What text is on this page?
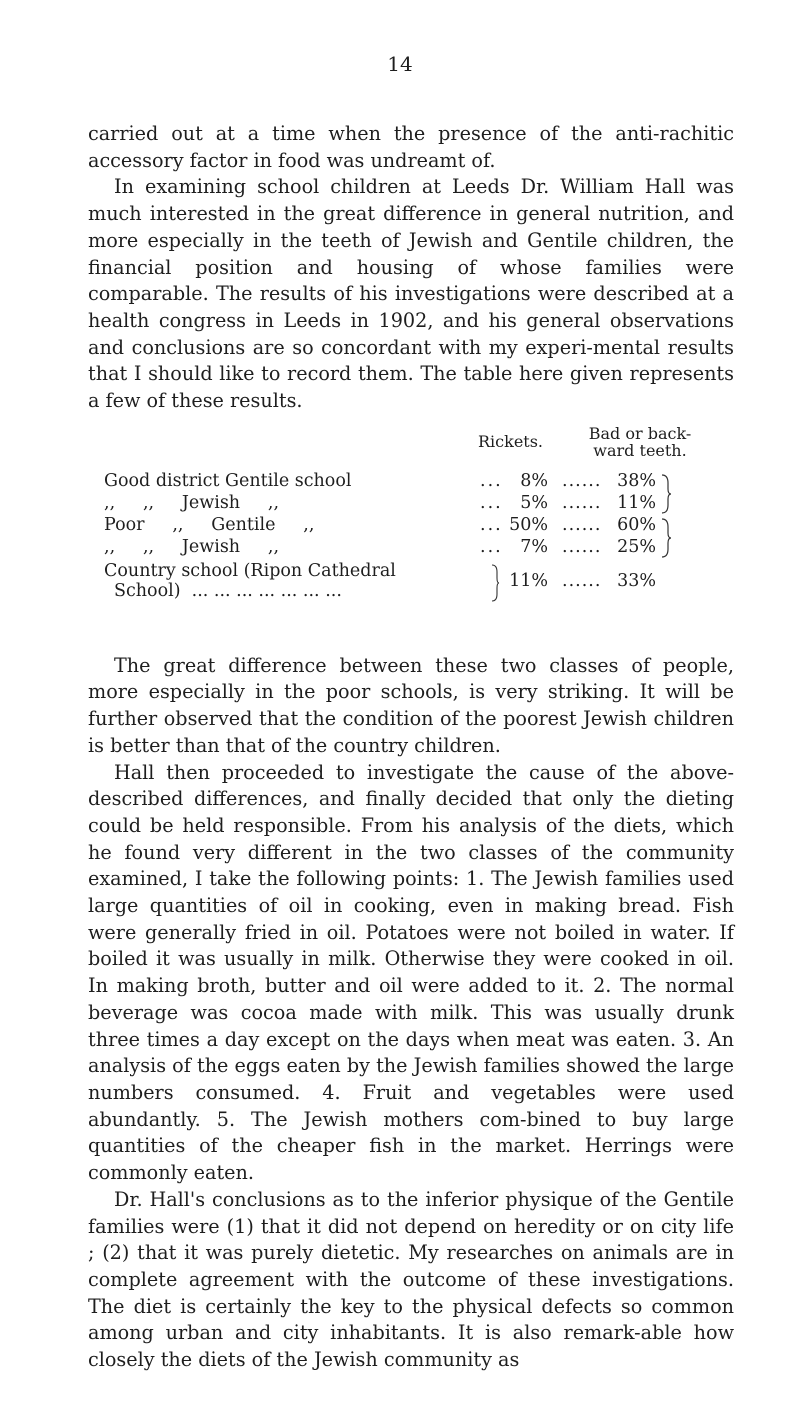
14

carried out at a time when the presence of the anti-rachitic accessory factor in food was undreamt of.

In examining school children at Leeds Dr. William Hall was much interested in the great difference in general nutrition, and more especially in the teeth of Jewish and Gentile children, the financial position and housing of whose families were comparable. The results of his investigations were described at a health congress in Leeds in 1902, and his general observations and conclusions are so concordant with my experi-mental results that I should like to record them. The table here given represents a few of these results.

Rickets.	Bad or back-ward teeth.
Good district Gentile school	...	8% ...... 38%
,,     ,,     Jewish     ,,	...	5% ...... 11%
Poor     ,,     Gentile     ,,	... 50% ...... 60%
,,     ,,     Jewish     ,,	...	7% ...... 25%
Country school (Ripon Cathedral
School)  ... ... ... ... ... ... ...	11% ...... 33%

The great difference between these two classes of people, more especially in the poor schools, is very striking. It will be further observed that the condition of the poorest Jewish children is better than that of the country children.

Hall then proceeded to investigate the cause of the above-described differences, and finally decided that only the dieting could be held responsible. From his analysis of the diets, which he found very different in the two classes of the community examined, I take the following points: 1. The Jewish families used large quantities of oil in cooking, even in making bread. Fish were generally fried in oil. Potatoes were not boiled in water. If boiled it was usually in milk. Otherwise they were cooked in oil. In making broth, butter and oil were added to it. 2. The normal beverage was cocoa made with milk. This was usually drunk three times a day except on the days when meat was eaten. 3. An analysis of the eggs eaten by the Jewish families showed the large numbers consumed. 4. Fruit and vegetables were used abundantly. 5. The Jewish mothers com-bined to buy large quantities of the cheaper fish in the market. Herrings were commonly eaten.

Dr. Hall's conclusions as to the inferior physique of the Gentile families were (1) that it did not depend on heredity or on city life ; (2) that it was purely dietetic. My researches on animals are in complete agreement with the outcome of these investigations. The diet is certainly the key to the physical defects so common among urban and city inhabitants. It is also remark-able how closely the diets of the Jewish community as
